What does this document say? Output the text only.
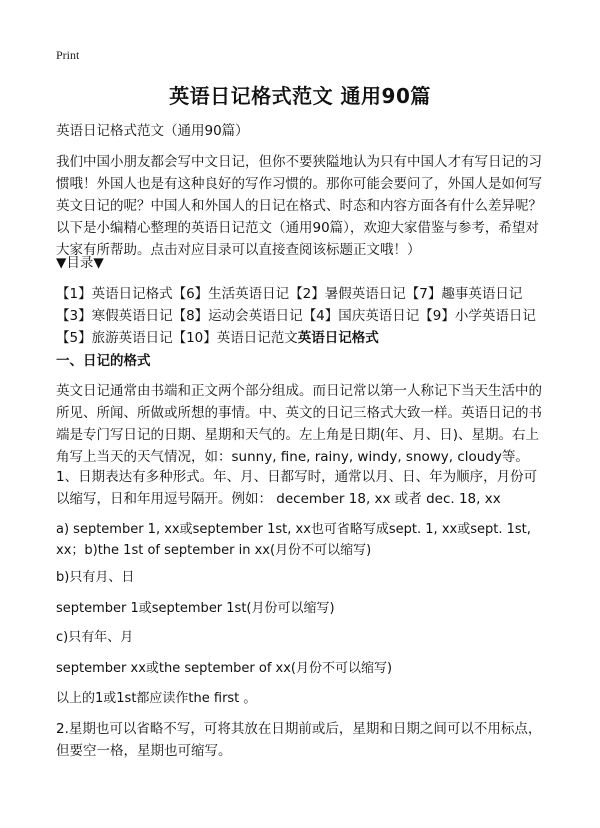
Print
英语日记格式范文 通用90篇
英语日记格式范文（通用90篇）
我们中国小朋友都会写中文日记，但你不要狭隘地认为只有中国人才有写日记的习惯哦！外国人也是有这种良好的写作习惯的。那你可能会要问了，外国人是如何写英文日记的呢？中国人和外国人的日记在格式、时态和内容方面各有什么差异呢？以下是小编精心整理的英语日记范文（通用90篇），欢迎大家借鉴与参考，希望对大家有所帮助。点击对应目录可以直接查阅该标题正文哦！）
▼目录▼
【1】英语日记格式【6】生活英语日记【2】暑假英语日记【7】趣事英语日记【3】寒假英语日记【8】运动会英语日记【4】国庆英语日记【9】小学英语日记【5】旅游英语日记【10】英语日记范文英语日记格式
一、日记的格式
英文日记通常由书端和正文两个部分组成。而日记常以第一人称记下当天生活中的所见、所闻、所做或所想的事情。中、英文的日记三格式大致一样。英语日记的书端是专门写日记的日期、星期和天气的。左上角是日期(年、月、日)、星期。右上角写上当天的天气情况，如：sunny, fine, rainy, windy, snowy, cloudy等。
1、日期表达有多种形式。年、月、日都写时，通常以月、日、年为顺序，月份可以缩写，日和年用逗号隔开。例如： december 18, xx 或者 dec. 18, xx
a) september 1, xx或september 1st, xx也可省略写成sept. 1, xx或sept. 1st, xx；b)the 1st of september in xx(月份不可以缩写)
b)只有月、日
september 1或september 1st(月份可以缩写)
c)只有年、月
september xx或the september of xx(月份不可以缩写)
以上的1或1st都应读作the first 。
2.星期也可以省略不写，可将其放在日期前或后，星期和日期之间可以不用标点，但要空一格，星期也可缩写。
